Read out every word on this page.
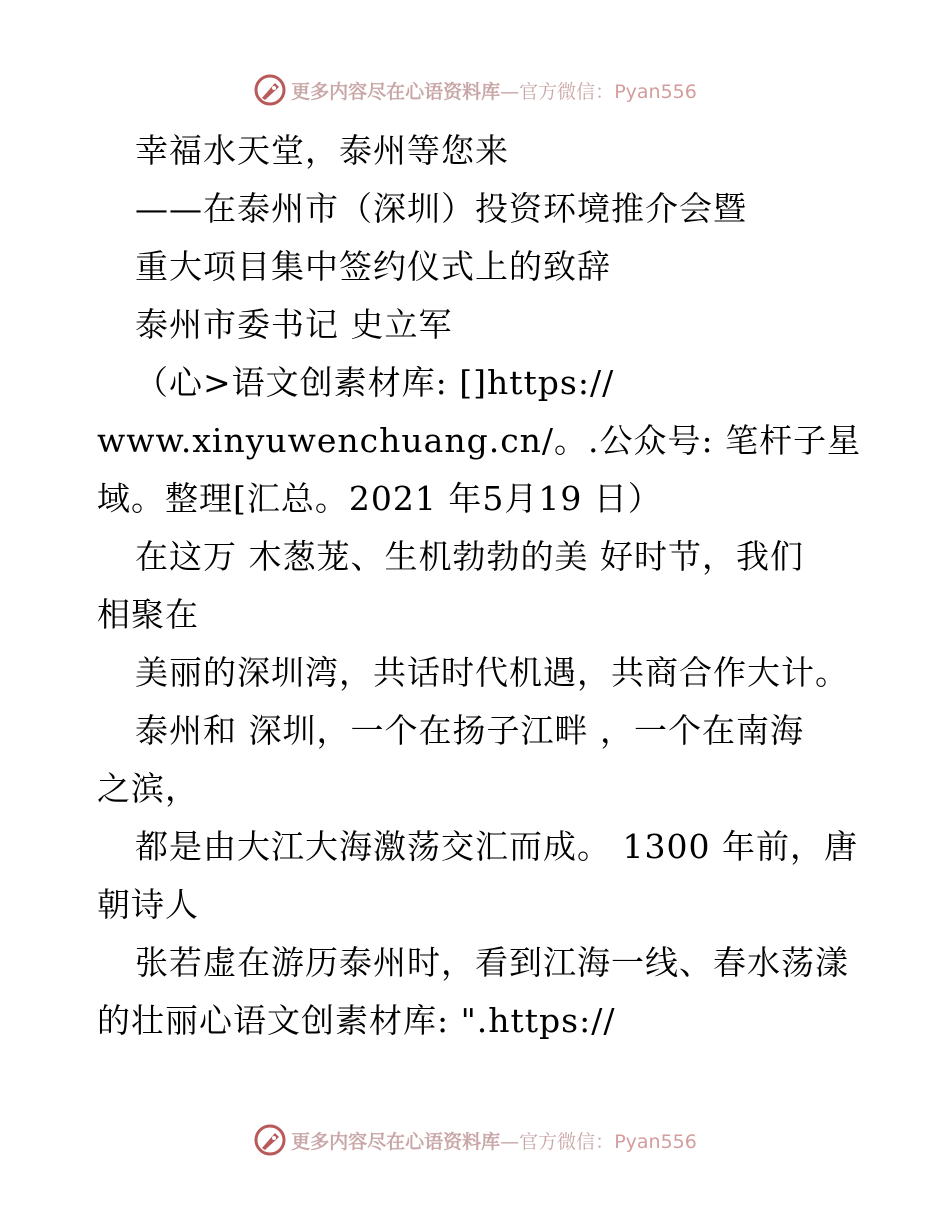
更多内容尽在心语资料库—官方微信：Pyan556
幸福水天堂，泰州等您来
——在泰州市（深圳）投资环境推介会暨
重大项目集中签约仪式上的致辞
泰州市委书记 史立军
（心>语文创素材库: []https://
www.xinyuwenchuang.cn/。.公众号: 笔杆子星
域。整理[汇总。2021 年5月19 日）
在这万 木葱茏、生机勃勃的美 好时节，我们
相聚在
美丽的深圳湾，共话时代机遇，共商合作大计。
泰州和 深圳，一个在扬子江畔 ，一个在南海
之滨，
都是由大江大海激荡交汇而成。 1300 年前，唐
朝诗人
张若虚在游历泰州时，看到江海一线、春水荡漾
的壮丽心语文创素材库: ".https://
更多内容尽在心语资料库—官方微信：Pyan556
